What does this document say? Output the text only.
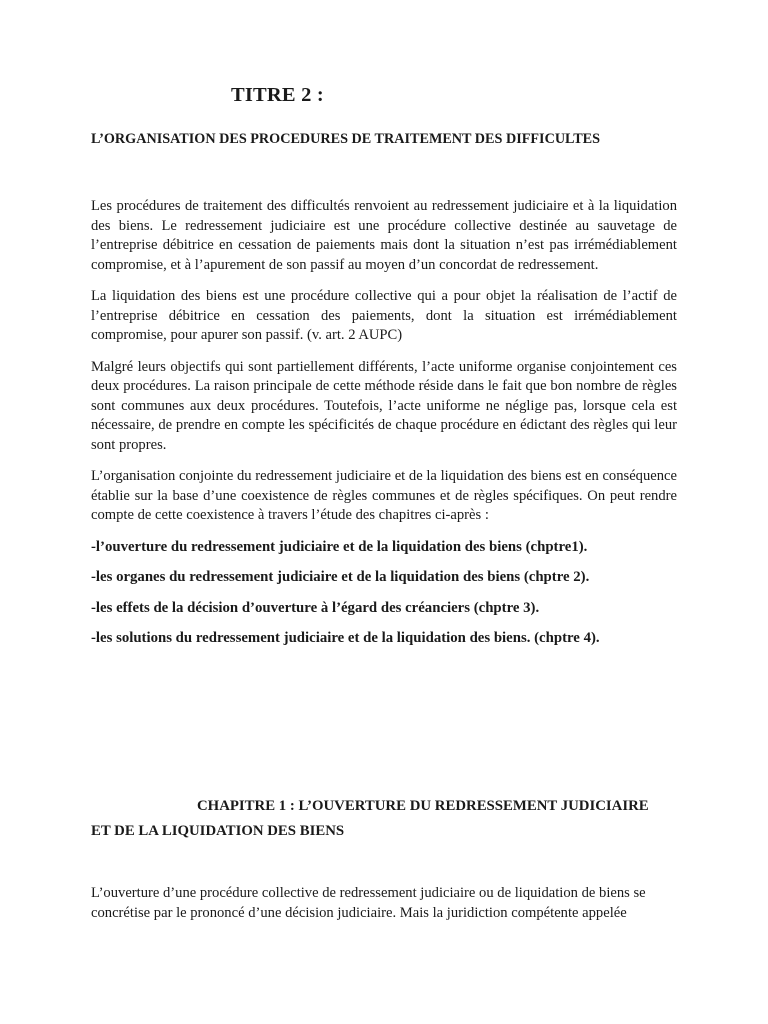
TITRE 2 :
L’ORGANISATION DES PROCEDURES DE TRAITEMENT DES DIFFICULTES

Les procédures de traitement des difficultés renvoient au redressement judiciaire et à la liquidation des biens. Le redressement judiciaire est une procédure collective destinée au sauvetage de l’entreprise débitrice en cessation de paiements mais dont la situation n’est pas irrémédiablement compromise, et à l’apurement de son passif au moyen d’un concordat de redressement.

La liquidation des biens est une procédure collective qui a pour objet la réalisation de l’actif de l’entreprise débitrice en cessation des paiements, dont la situation est irrémédiablement compromise, pour apurer son passif. (v. art. 2 AUPC)

Malgré leurs objectifs qui sont partiellement différents, l’acte uniforme organise conjointement ces deux procédures. La raison principale de cette méthode réside dans le fait que bon nombre de règles sont communes aux deux procédures. Toutefois, l’acte uniforme ne néglige pas, lorsque cela est nécessaire, de prendre en compte les spécificités de chaque procédure en édictant des règles qui leur sont propres.

L’organisation conjointe du redressement judiciaire et de la liquidation des biens est en conséquence établie sur la base d’une coexistence de règles communes et de règles spécifiques. On peut rendre compte de cette coexistence à travers l’étude des chapitres ci-après :

-l’ouverture du redressement judiciaire et de la liquidation des biens (chptre1).

-les organes du redressement judiciaire et de la liquidation des biens (chptre 2).

-les effets de la décision d’ouverture à l’égard des créanciers (chptre 3).

-les solutions du redressement judiciaire et de la liquidation des biens. (chptre 4).

CHAPITRE 1 : L’OUVERTURE DU REDRESSEMENT JUDICIAIRE
ET DE LA LIQUIDATION DES BIENS

L’ouverture d’une procédure collective de redressement judiciaire ou de liquidation de biens se concrétise par le prononcé d’une décision judiciaire. Mais la juridiction compétente appelée
